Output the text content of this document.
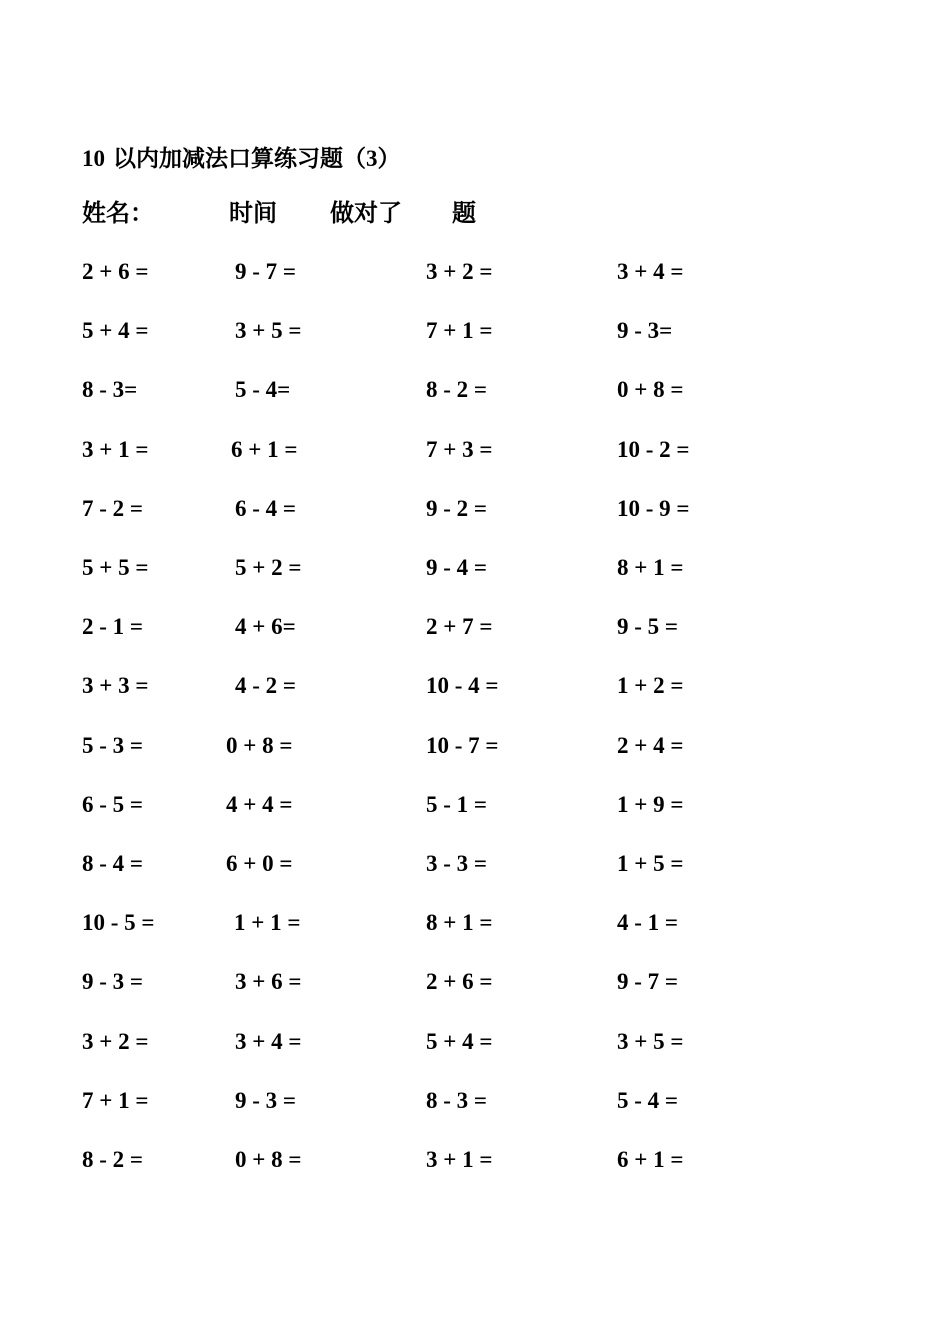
10 以内加减法口算练习题（3）
姓名：	时间 做对了 题
2 + 6 =	9 - 7 =	3 + 2 =	3 + 4 =
5 + 4 =	3 + 5 =	7 + 1 =	9 - 3=
8 - 3=	5 - 4=	8 - 2 =	0 + 8 =
3 + 1 =	6 + 1 =	7 + 3 =	10 - 2 =
7 - 2 =	6 - 4 =	9 - 2 =	10 - 9 =
5 + 5 =	5 + 2 =	9 - 4 =	8 + 1 =
2 - 1 =	4 + 6=	2 + 7 =	9 - 5 =
3 + 3 =	4 - 2 =	10 - 4 =	1 + 2 =
5 - 3 =	0 + 8 =	10 - 7 =	2 + 4 =
6 - 5 =	4 + 4 =	5 - 1 =	1 + 9 =
8 - 4 =	6 + 0 =	3 - 3 =	1 + 5 =
10 - 5 =	1 + 1 =	8 + 1 =	4 - 1 =
9 - 3 =	3 + 6 =	2 + 6 =	9 - 7 =
3 + 2 =	3 + 4 =	5 + 4 =	3 + 5 =
7 + 1 =	9 - 3 =	8 - 3 =	5 - 4 =
8 - 2 =	0 + 8 =	3 + 1 =	6 + 1 =
